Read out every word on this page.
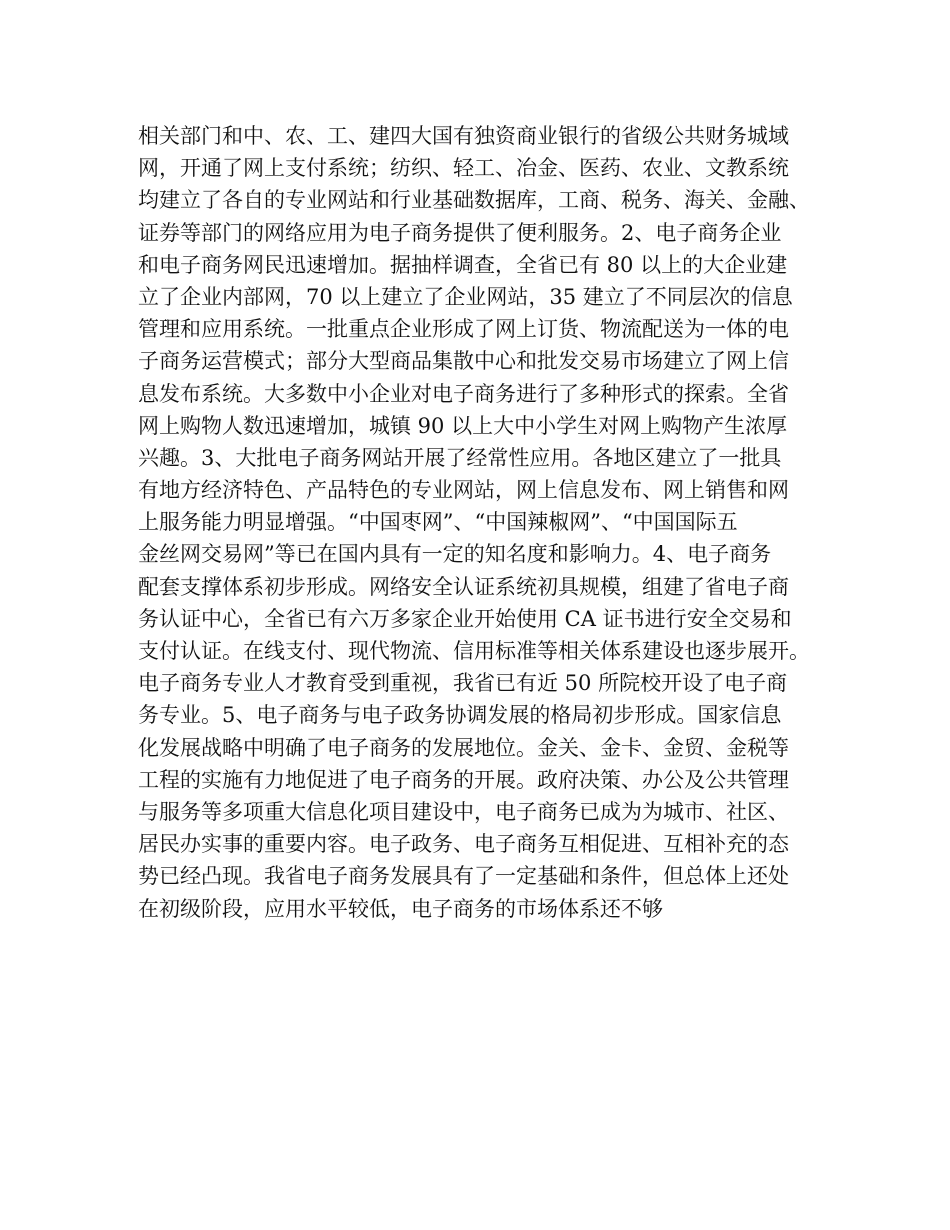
相关部门和中、农、工、建四大国有独资商业银行的省级公共财务城域
网，开通了网上支付系统；纺织、轻工、冶金、医药、农业、文教系统
均建立了各自的专业网站和行业基础数据库，工商、税务、海关、金融、
证券等部门的网络应用为电子商务提供了便利服务。2、电子商务企业
和电子商务网民迅速增加。据抽样调查，全省已有 80 以上的大企业建
立了企业内部网，70 以上建立了企业网站，35 建立了不同层次的信息
管理和应用系统。一批重点企业形成了网上订货、物流配送为一体的电
子商务运营模式；部分大型商品集散中心和批发交易市场建立了网上信
息发布系统。大多数中小企业对电子商务进行了多种形式的探索。全省
网上购物人数迅速增加，城镇 90 以上大中小学生对网上购物产生浓厚
兴趣。3、大批电子商务网站开展了经常性应用。各地区建立了一批具
有地方经济特色、产品特色的专业网站，网上信息发布、网上销售和网
上服务能力明显增强。“中国枣网”、“中国辣椒网”、“中国国际五
金丝网交易网”等已在国内具有一定的知名度和影响力。4、电子商务
配套支撑体系初步形成。网络安全认证系统初具规模，组建了省电子商
务认证中心，全省已有六万多家企业开始使用 CA 证书进行安全交易和
支付认证。在线支付、现代物流、信用标准等相关体系建设也逐步展开。
电子商务专业人才教育受到重视，我省已有近 50 所院校开设了电子商
务专业。5、电子商务与电子政务协调发展的格局初步形成。国家信息
化发展战略中明确了电子商务的发展地位。金关、金卡、金贸、金税等
工程的实施有力地促进了电子商务的开展。政府决策、办公及公共管理
与服务等多项重大信息化项目建设中，电子商务已成为为城市、社区、
居民办实事的重要内容。电子政务、电子商务互相促进、互相补充的态
势已经凸现。我省电子商务发展具有了一定基础和条件，但总体上还处
在初级阶段，应用水平较低，电子商务的市场体系还不够
